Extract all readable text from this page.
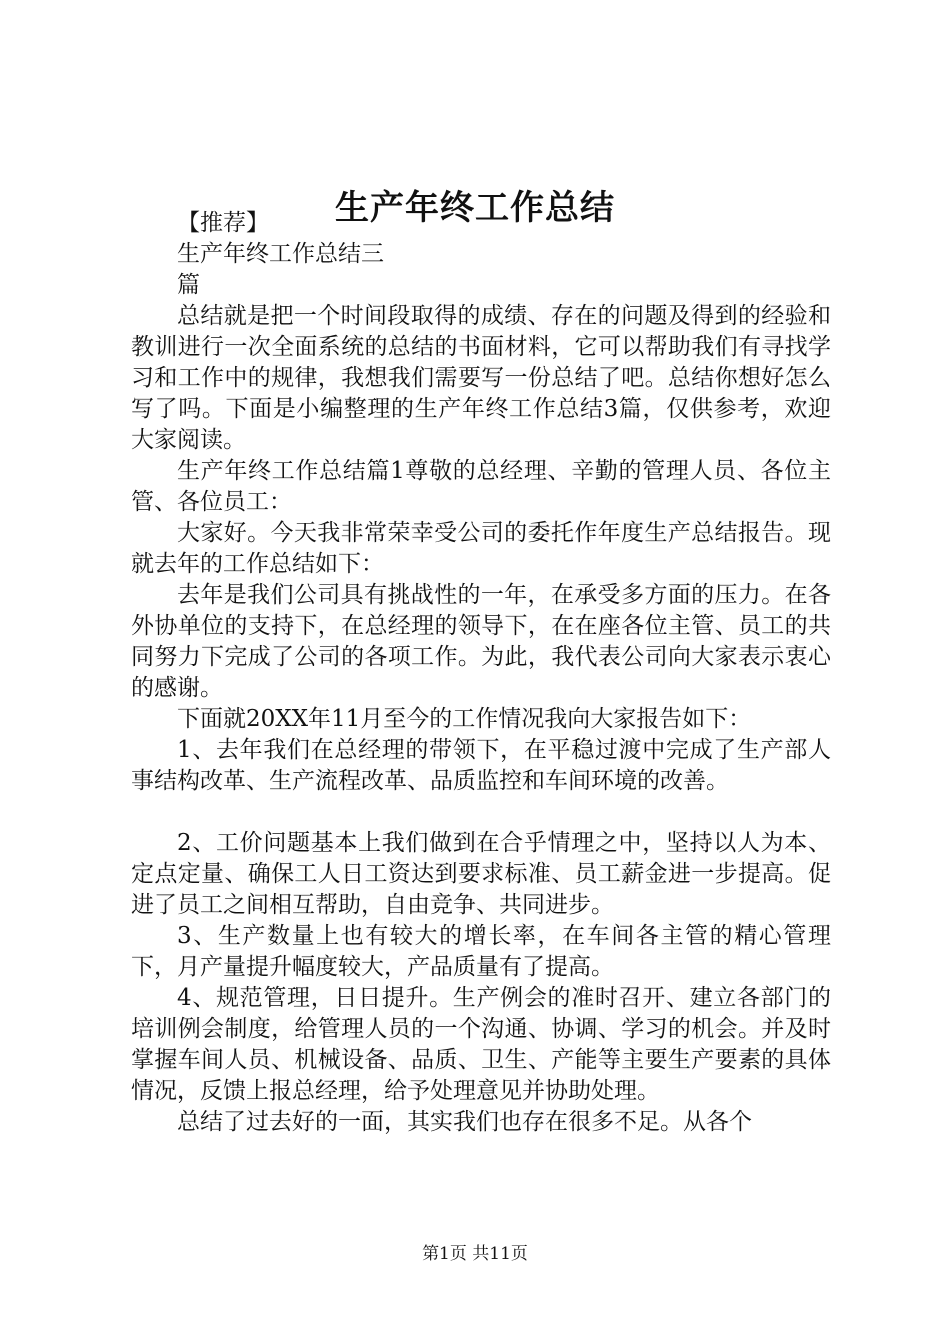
生产年终工作总结

【推荐】

生产年终工作总结三

篇

总结就是把一个时间段取得的成绩、存在的问题及得到的经验和教训进行一次全面系统的总结的书面材料，它可以帮助我们有寻找学习和工作中的规律，我想我们需要写一份总结了吧。总结你想好怎么写了吗。下面是小编整理的生产年终工作总结3篇，仅供参考，欢迎大家阅读。

生产年终工作总结篇1尊敬的总经理、辛勤的管理人员、各位主管、各位员工：

大家好。今天我非常荣幸受公司的委托作年度生产总结报告。现就去年的工作总结如下：

去年是我们公司具有挑战性的一年，在承受多方面的压力。在各外协单位的支持下，在总经理的领导下，在在座各位主管、员工的共同努力下完成了公司的各项工作。为此，我代表公司向大家表示衷心的感谢。

下面就20XX年11月至今的工作情况我向大家报告如下：

1、去年我们在总经理的带领下，在平稳过渡中完成了生产部人事结构改革、生产流程改革、品质监控和车间环境的改善。

2、工价问题基本上我们做到在合乎情理之中，坚持以人为本、定点定量、确保工人日工资达到要求标准、员工薪金进一步提高。促进了员工之间相互帮助，自由竞争、共同进步。

3、生产数量上也有较大的增长率，在车间各主管的精心管理下，月产量提升幅度较大，产品质量有了提高。

4、规范管理，日日提升。生产例会的准时召开、建立各部门的培训例会制度，给管理人员的一个沟通、协调、学习的机会。并及时掌握车间人员、机械设备、品质、卫生、产能等主要生产要素的具体情况，反馈上报总经理，给予处理意见并协助处理。

总结了过去好的一面，其实我们也存在很多不足。从各个

第1页 共11页
